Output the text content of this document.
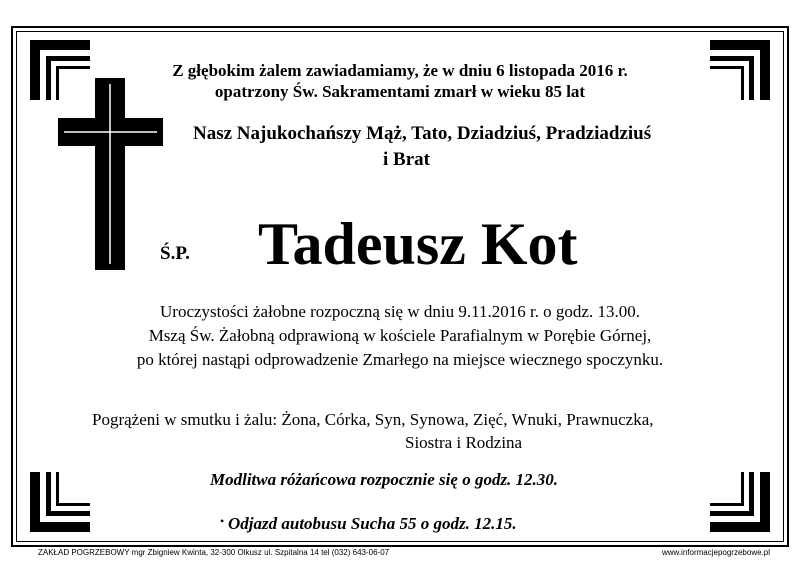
Z głębokim żalem zawiadamiamy, że w dniu 6 listopada 2016 r.
opatrzony Św. Sakramentami zmarł w wieku 85 lat
Nasz Najukochańszy Mąż, Tato, Dziadziuś, Pradziadziuś
i Brat
Ś.P. Tadeusz Kot
Uroczystości żałobne rozpoczną się w dniu 9.11.2016 r. o godz. 13.00.
Mszą Św. Żałobną odprawioną w kościele Parafialnym w Porębie Górnej,
po której nastąpi odprowadzenie Zmarłego na miejsce wiecznego spoczynku.
Pogrążeni w smutku i żalu: Żona, Córka, Syn, Synowa, Zięć, Wnuki, Prawnuczka,
Siostra i Rodzina
Modlitwa różańcowa rozpocznie się o godz. 12.30.
• Odjazd autobusu Sucha 55 o godz. 12.15.
ZAKŁAD POGRZEBOWY mgr Zbigniew Kwinta, 32-300 Olkusz ul. Szpitalna 14 tel (032) 643-06-07	www.informacjepogrzebowe.pl
